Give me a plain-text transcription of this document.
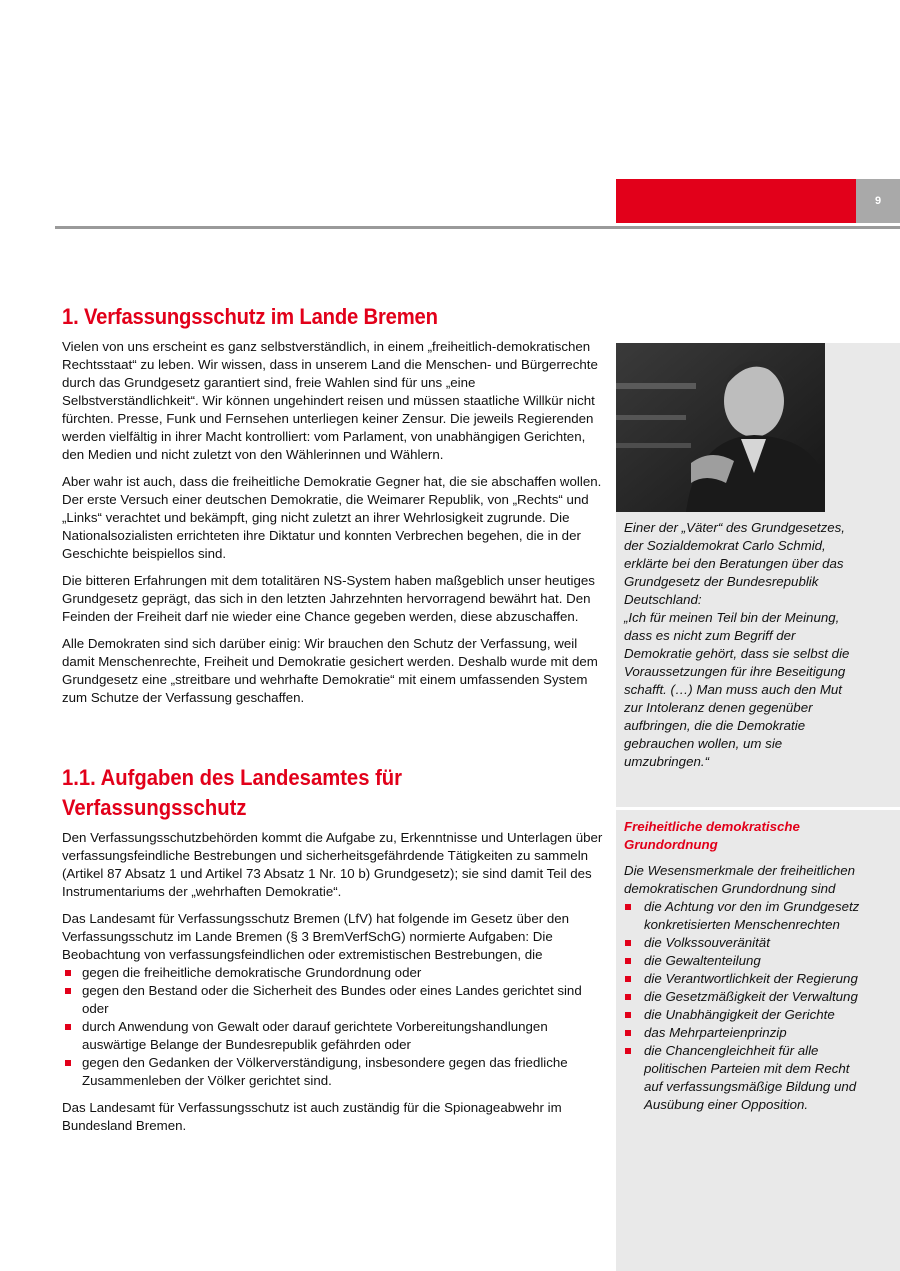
9
1. Verfassungsschutz im Lande Bremen

Vielen von uns erscheint es ganz selbstverständlich, in einem „freiheitlich-demokratischen Rechtsstaat“ zu leben. Wir wissen, dass in unserem Land die Menschen- und Bürgerrechte durch das Grundgesetz garantiert sind, freie Wahlen sind für uns „eine Selbstverständlichkeit“. Wir können ungehindert reisen und müssen staatliche Willkür nicht fürchten. Presse, Funk und Fernsehen unterliegen keiner Zensur. Die jeweils Regierenden werden vielfältig in ihrer Macht kontrolliert: vom Parlament, von unabhängigen Gerichten, den Medien und nicht zuletzt von den Wählerinnen und Wählern.

Aber wahr ist auch, dass die freiheitliche Demokratie Gegner hat, die sie abschaffen wollen. Der erste Versuch einer deutschen Demokratie, die Weimarer Republik, von „Rechts“ und „Links“ verachtet und bekämpft, ging nicht zuletzt an ihrer Wehrlosigkeit zugrunde. Die Nationalsozialisten errichteten ihre Diktatur und konnten Verbrechen begehen, die in der Geschichte beispiellos sind.

Die bitteren Erfahrungen mit dem totalitären NS-System haben maßgeblich unser heutiges Grundgesetz geprägt, das sich in den letzten Jahrzehnten hervorragend bewährt hat. Den Feinden der Freiheit darf nie wieder eine Chance gegeben werden, diese abzuschaffen.

Alle Demokraten sind sich darüber einig: Wir brauchen den Schutz der Verfassung, weil damit Menschenrechte, Freiheit und Demokratie gesichert werden. Deshalb wurde mit dem Grundgesetz eine „streitbare und wehrhafte Demokratie“ mit einem umfassenden System zum Schutze der Verfassung geschaffen.

1.1. Aufgaben des Landesamtes für Verfassungsschutz

Den Verfassungsschutzbehörden kommt die Aufgabe zu, Erkenntnisse und Unterlagen über verfassungsfeindliche Bestrebungen und sicherheitsgefährdende Tätigkeiten zu sammeln (Artikel 87 Absatz 1 und Artikel 73 Absatz 1 Nr. 10 b) Grundgesetz); sie sind damit Teil des Instrumentariums der „wehrhaften Demokratie“.

Das Landesamt für Verfassungsschutz Bremen (LfV) hat folgende im Gesetz über den Verfassungsschutz im Lande Bremen (§ 3 BremVerfSchG) normierte Aufgaben: Die Beobachtung von verfassungsfeindlichen oder extremistischen Bestrebungen, die

gegen die freiheitliche demokratische Grundordnung oder
gegen den Bestand oder die Sicherheit des Bundes oder eines Landes gerichtet sind oder
durch Anwendung von Gewalt oder darauf gerichtete Vorbereitungshandlungen auswärtige Belange der Bundesrepublik gefährden oder
gegen den Gedanken der Völkerverständigung, insbesondere gegen das friedliche Zusammenleben der Völker gerichtet sind.

Das Landesamt für Verfassungsschutz ist auch zuständig für die Spionageabwehr im Bundesland Bremen.

Einer der „Väter“ des Grundgesetzes, der Sozialdemokrat Carlo Schmid, erklärte bei den Beratungen über das Grundgesetz der Bundesrepublik Deutschland:
„Ich für meinen Teil bin der Meinung, dass es nicht zum Begriff der Demokratie gehört, dass sie selbst die Voraussetzungen für ihre Beseitigung schafft. (…) Man muss auch den Mut zur Intoleranz denen gegenüber aufbringen, die die Demokratie gebrauchen wollen, um sie umzubringen.“
Freiheitliche demokratische Grundordnung

Die Wesensmerkmale der freiheitlichen demokratischen Grundordnung sind

die Achtung vor den im Grundgesetz konkretisierten Menschenrechten
die Volkssouveränität
die Gewaltenteilung
die Verantwortlichkeit der Regierung
die Gesetzmäßigkeit der Verwaltung
die Unabhängigkeit der Gerichte
das Mehrparteienprinzip
die Chancengleichheit für alle politischen Parteien mit dem Recht auf verfassungsmäßige Bildung und Ausübung einer Opposition.
